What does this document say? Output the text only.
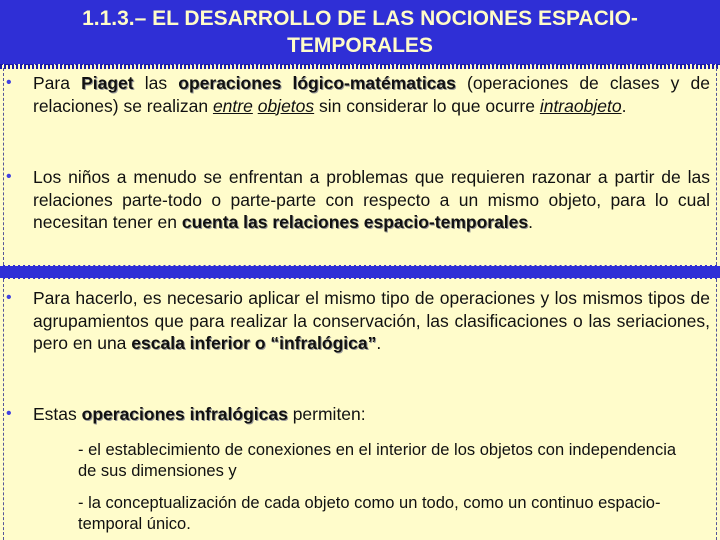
1.1.3.– EL DESARROLLO DE LAS NOCIONES ESPACIO-
TEMPORALES
• Para Piaget las operaciones lógico-matématicas (operaciones de clases y de relaciones) se realizan entre objetos sin considerar lo que ocurre intraobjeto.
• Los niños a menudo se enfrentan a problemas que requieren razonar a partir de las relaciones parte-todo o parte-parte con respecto a un mismo objeto, para lo cual necesitan tener en cuenta las relaciones espacio-temporales.
• Para hacerlo, es necesario aplicar el mismo tipo de operaciones y los mismos tipos de agrupamientos que para realizar la conservación, las clasificaciones o las seriaciones, pero en una escala inferior o “infralógica”.
• Estas operaciones infralógicas permiten:
- el establecimiento de conexiones en el interior de los objetos con independencia de sus dimensiones y
- la conceptualización de cada objeto como un todo, como un continuo espacio-temporal único.
